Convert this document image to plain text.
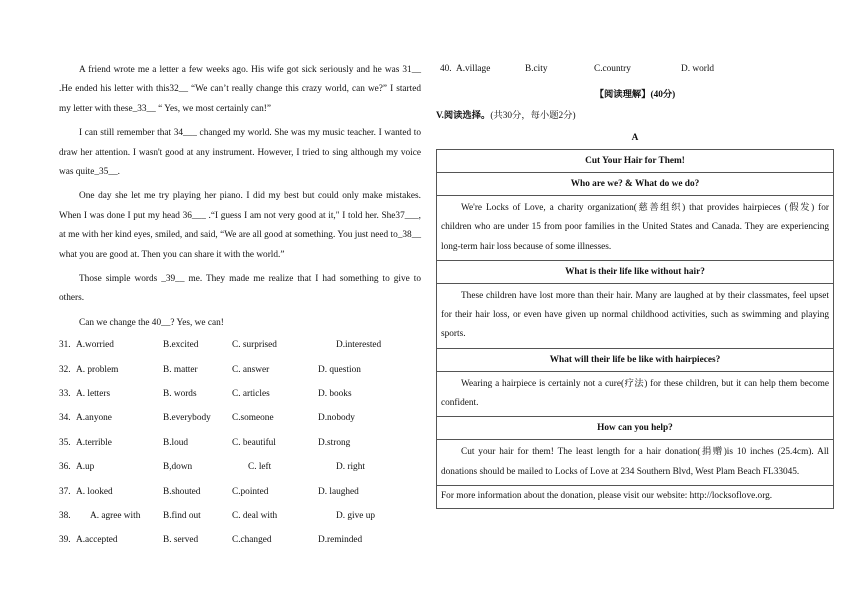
A friend wrote me a letter a few weeks ago. His wife got sick seriously and he was 31__ .He ended his letter with this32__ “We can’t really change this crazy world, can we?” I started my letter with these_33__ “ Yes, we most certainly can!”

I can still remember that 34___ changed my world. She was my music teacher. I wanted to draw her attention. I wasn't good at any instrument. However, I tried to sing although my voice was quite_35__.

One day she let me try playing her piano. I did my best but could only make mistakes. When I was done I put my head 36___ .“I guess I am not very good at it," I told her. She37___, at me with her kind eyes, smiled, and said, “We are all good at something. You just need to_38__ what you are good at. Then you can share it with the world.”

Those simple words _39__ me. They made me realize that I had something to give to others.

Can we change the 40__? Yes, we can!

31. A.worried	B.excited	C. surprised	D.interested
32. A. problem	B. matter	C. answer	D. question
33. A. letters	B. words	C. articles	D. books
34. A.anyone	B.everybody C.someone	D.nobody
35. A.terrible	B.loud	C. beautiful	D.strong
36. A.up	B,down	C. left	D. right
37. A. looked	B.shouted	C.pointed	D. laughed
38. A. agree with B.find out	C. deal with	D. give up
39. A.accepted	B. served	C.changed	D.reminded
40. A.village	B.city	C.country	D. world
【阅读理解】(40分)
V.阅读选择。(共30分，每小题2分)
A
Cut Your Hair for Them!
Who are we? & What do we do?

We're Locks of Love, a charity organization(慈善组织) that provides hairpieces (假发) for children who are under 15 from poor families in the United States and Canada. They are experiencing long-term hair loss because of some illnesses.

What is their life like without hair?

These children have lost more than their hair. Many are laughed at by their classmates, feel upset for their hair loss, or even have given up normal childhood activities, such as swimming and playing sports.

What will their life be like with hairpieces?

Wearing a hairpiece is certainly not a cure(疗法) for these children, but it can help them become confident.

How can you help?

Cut your hair for them! The least length for a hair donation(捐赠)is 10 inches (25.4cm). All donations should be mailed to Locks of Love at 234 Southern Blvd, West Plam Beach FL33045.

For more information about the donation, please visit our website: http://locksoflove.org.
